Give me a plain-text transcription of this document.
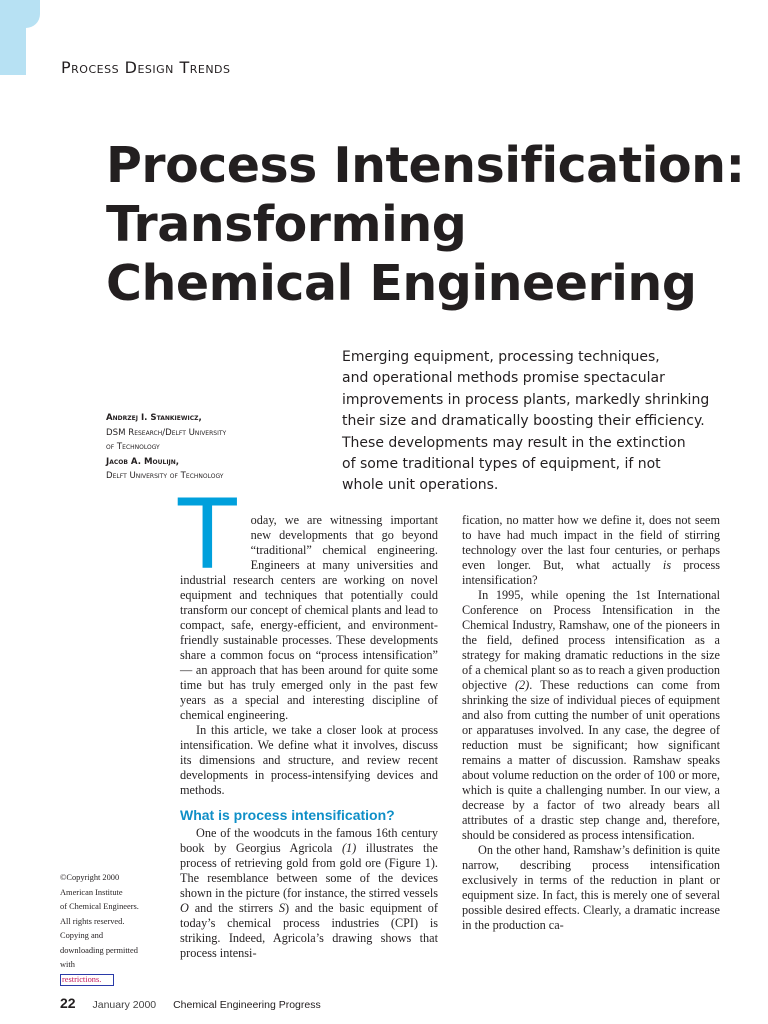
Process Design Trends
Process Intensification:
Transforming
Chemical Engineering
Emerging equipment, processing techniques,
and operational methods promise spectacular
improvements in process plants, markedly shrinking
their size and dramatically boosting their efficiency.
These developments may result in the extinction
of some traditional types of equipment, if not
whole unit operations.
Andrzej I. Stankiewicz,
DSM Research/Delft University
of Technology
Jacob A. Moulijn,
Delft University of Technology

T oday, we are witnessing important new developments that go beyond “traditional” chemical engineering. Engineers at many universities and industrial research centers are working on novel equipment and techniques that potentially could transform our concept of chemical plants and lead to compact, safe, energy-efficient, and environment-friendly sustainable processes. These developments share a common focus on “process intensification” — an approach that has been around for quite some time but has truly emerged only in the past few years as a special and interesting discipline of chemical engineering.

In this article, we take a closer look at process intensification. We define what it involves, discuss its dimensions and structure, and review recent developments in process-intensifying devices and methods.

What is process intensification?

One of the woodcuts in the famous 16th century book by Georgius Agricola (1) illustrates the process of retrieving gold from gold ore (Figure 1). The resemblance between some of the devices shown in the picture (for instance, the stirred vessels O and the stirrers S) and the basic equipment of today’s chemical process industries (CPI) is striking. Indeed, Agricola’s drawing shows that process intensi-

fication, no matter how we define it, does not seem to have had much impact in the field of stirring technology over the last four centuries, or perhaps even longer. But, what actually is process intensification?

In 1995, while opening the 1st International Conference on Process Intensification in the Chemical Industry, Ramshaw, one of the pioneers in the field, defined process intensification as a strategy for making dramatic reductions in the size of a chemical plant so as to reach a given production objective (2). These reductions can come from shrinking the size of individual pieces of equipment and also from cutting the number of unit operations or apparatuses involved. In any case, the degree of reduction must be significant; how significant remains a matter of discussion. Ramshaw speaks about volume reduction on the order of 100 or more, which is quite a challenging number. In our view, a decrease by a factor of two already bears all attributes of a drastic step change and, therefore, should be considered as process intensification.

On the other hand, Ramshaw’s definition is quite narrow, describing process intensification exclusively in terms of the reduction in plant or equipment size. In fact, this is merely one of several possible desired effects. Clearly, a dramatic increase in the production ca-

©Copyright 2000
American Institute
of Chemical Engineers.
All rights reserved.
Copying and
downloading permitted
with
restrictions.
22 January 2000 Chemical Engineering Progress
